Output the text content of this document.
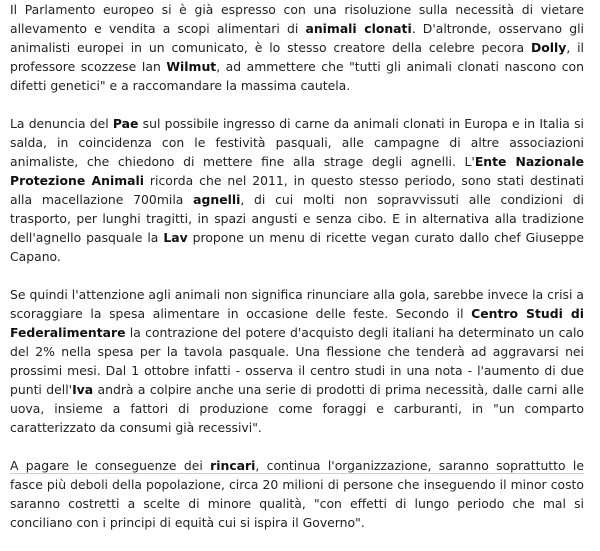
Il Parlamento europeo si è già espresso con una risoluzione sulla necessità di vietare allevamento e vendita a scopi alimentari di animali clonati. D'altronde, osservano gli animalisti europei in un comunicato, è lo stesso creatore della celebre pecora Dolly, il professore scozzese Ian Wilmut, ad ammettere che "tutti gli animali clonati nascono con difetti genetici" e a raccomandare la massima cautela.

La denuncia del Pae sul possibile ingresso di carne da animali clonati in Europa e in Italia si salda, in coincidenza con le festività pasquali, alle campagne di altre associazioni animaliste, che chiedono di mettere fine alla strage degli agnelli. L'Ente Nazionale Protezione Animali ricorda che nel 2011, in questo stesso periodo, sono stati destinati alla macellazione 700mila agnelli, di cui molti non sopravvissuti alle condizioni di trasporto, per lunghi tragitti, in spazi angusti e senza cibo. E in alternativa alla tradizione dell'agnello pasquale la Lav propone un menu di ricette vegan curato dallo chef Giuseppe Capano.

Se quindi l'attenzione agli animali non significa rinunciare alla gola, sarebbe invece la crisi a scoraggiare la spesa alimentare in occasione delle feste. Secondo il Centro Studi di Federalimentare la contrazione del potere d'acquisto degli italiani ha determinato un calo del 2% nella spesa per la tavola pasquale. Una flessione che tenderà ad aggravarsi nei prossimi mesi. Dal 1 ottobre infatti - osserva il centro studi in una nota - l'aumento di due punti dell'Iva andrà a colpire anche una serie di prodotti di prima necessità, dalle carni alle uova, insieme a fattori di produzione come foraggi e carburanti, in "un comparto caratterizzato da consumi già recessivi".

A pagare le conseguenze dei rincari, continua l'organizzazione, saranno soprattutto le fasce più deboli della popolazione, circa 20 milioni di persone che inseguendo il minor costo saranno costretti a scelte di minore qualità, "con effetti di lungo periodo che mal si conciliano con i principi di equità cui si ispira il Governo".
